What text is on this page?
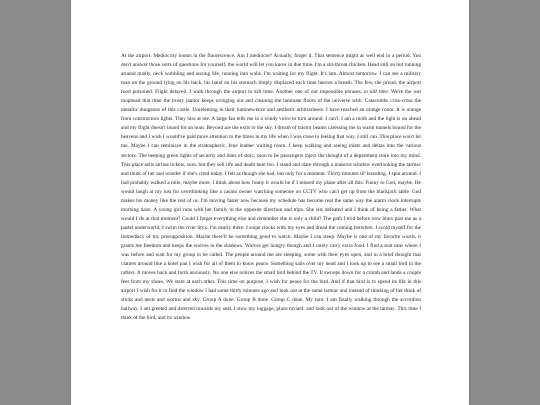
At the airport. Mediocrity looms in the fluorescence. Am I mediocre? Actually, forget it. That sentence might as well end in a period. You don't answer those sorts of questions for yourself, the world will let you know in due time. I'm a slit-throat chicken. Head still on but running around madly, neck wobbling and oozing life, running into walls. I'm waiting for my flight. It's late. Almost tomorrow. I can see a military man on the ground lying on his back, his hand on his stomach limply displaced each time heaves a breath. The few, the proud, the airport food poisoned. Flight delayed. I walk through the airport to kill time. Another one of our impossible phrases, to kill time. We're the wet mophead that time the trusty janitor keeps wringing out and cleaning the laminate floors of the universe with. Catacombs criss-cross the metallic dungeons of this castle. Unrelenting in their luminescence and aesthetic arbitrariness. I have reached an orange room. It is orange from construction lights. They hiss at me. A large fan tells me in a windy voice to turn around. I can't. I am a moth and the light is on ahead and my flight doesn't board for an hour. Beyond are the exits to the sky. I dream of tractor beams caressing me in warm tunnels bound for the heavens and I wish I would've paid more attention to the times in my life when I was close to feeling that way. I still can. This place won't let me. Maybe I can reminisce in the stratospheric, blue leather waiting room. I keep walking and seeing inlets and deltas into the various sectors. The beeping green lights of security and lines of stoic, soon to be passengers inject the thought of a department store into my mind. This place sells airline tickets, sure, but they sell life and death here too. I stand and stare through a massive window overlooking the tarmac and think of her and wonder if she's cried today. I felt as though she had, but only for a moment. Thirty minutes til' boarding. I spin around. I had probably walked a mile, maybe more. I think about how funny it would be if I missed my plane after all this. Funny to God, maybe. He would laugh at my lust for overthinking like a casino owner watching someone on CCTV who can't get up from the blackjack table. God makes his money like the rest of us. I'm moving faster now because my schedule has become real the same way the alarm clock interrupts morning daze. A young girl runs with her family in the opposite direction and trips. She sits defeated and I think of being a father. What would I do at that moment? Could I forget everything else and remember she is only a child? The path I trod before now blurs past me as a pastel underworld; I swim the river Styx. I'm nearly there. I snipe clocks with my eyes and dread the coming boredom. I scold myself for the immediacy of my presupposition. Maybe there'll be something good to watch. Maybe I can sleep. Maybe is one of my favorite words, it grants me freedom and keeps the wolves in the shadows. Wolves get hungry though and I rarely carry extra food. I find a seat near where I was before and wait for my group to be called. The people around me are sleeping, some with their eyes open, and in a brief thought that clatters around like a hotel pan I wish for all of them to know peace. Something sails over my head and I look up to see a small bird in the rafters. It moves back and forth anxiously. No one else notices the small bird behind the TV. It swoops down for a crumb and lands a couple feet from my shoes. We stare at each other. This time on purpose, I wish for peace for the bird. And if that bird is to spend its life in this airport I wish for it to find the window I had some thirty minutes ago and look out at the same tarmac and instead of thinking of her think of sticks and nests and worms and sky. Group A done. Group B done. Group C done. My turn. I am finally walking through the accordion hallway. I am greeted and directed towards my seat. I stow my luggage, place myself, and look out of the window at the tarmac. This time I think of the bird, and its window.
